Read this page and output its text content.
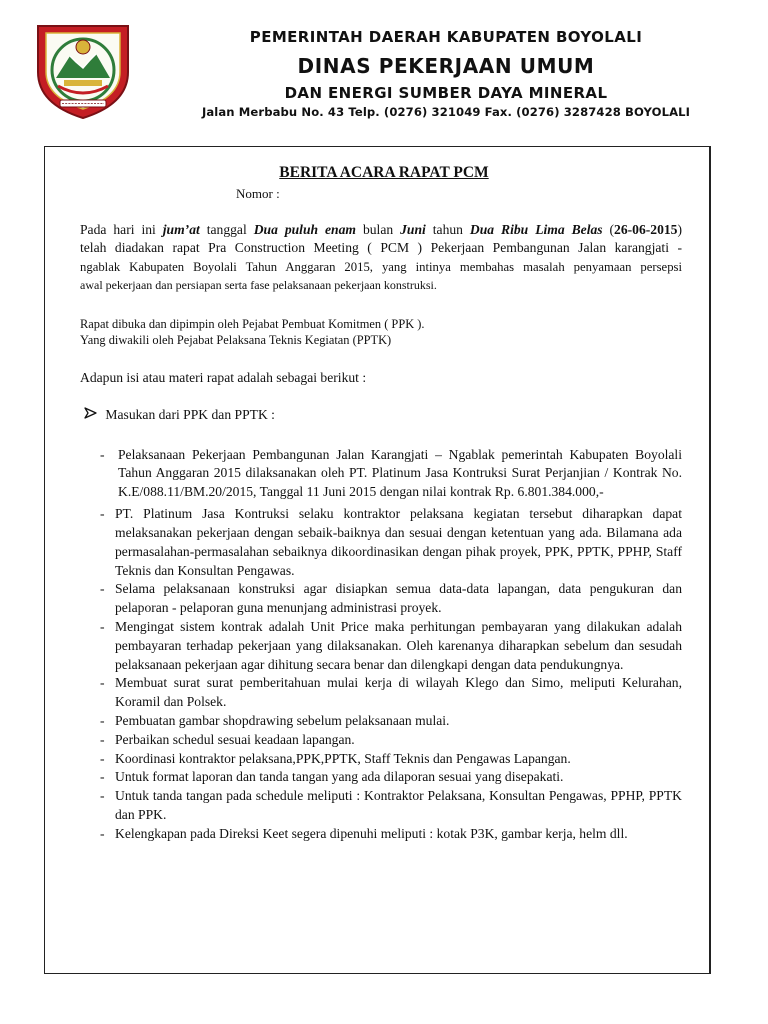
PEMERINTAH DAERAH KABUPATEN BOYOLALI
DINAS PEKERJAAN UMUM
DAN ENERGI SUMBER DAYA MINERAL
Jalan Merbabu No. 43 Telp. (0276) 321049 Fax. (0276) 3287428 BOYOLALI
BERITA ACARA RAPAT PCM
Nomor :
Pada hari ini jum’at tanggal Dua puluh enam bulan Juni tahun Dua Ribu Lima Belas (26-06-2015)
telah diadakan rapat Pra Construction Meeting ( PCM ) Pekerjaan Pembangunan Jalan karangjati -
ngablak Kabupaten Boyolali Tahun Anggaran 2015, yang intinya membahas masalah penyamaan persepsi
awal pekerjaan dan persiapan serta fase pelaksanaan pekerjaan konstruksi.
Rapat dibuka dan dipimpin oleh Pejabat Pembuat Komitmen ( PPK ).
Yang diwakili oleh Pejabat Pelaksana Teknis Kegiatan (PPTK)
Adapun isi atau materi rapat adalah sebagai berikut :
Masukan dari PPK dan PPTK :
- Pelaksanaan Pekerjaan Pembangunan Jalan Karangjati – Ngablak pemerintah Kabupaten Boyolali Tahun Anggaran 2015 dilaksanakan oleh PT. Platinum Jasa Kontruksi Surat Perjanjian / Kontrak No. K.E/088.11/BM.20/2015, Tanggal 11 Juni 2015 dengan nilai kontrak Rp. 6.801.384.000,-
- PT. Platinum Jasa Kontruksi selaku kontraktor pelaksana kegiatan tersebut diharapkan dapat melaksanakan pekerjaan dengan sebaik-baiknya dan sesuai dengan ketentuan yang ada. Bilamana ada permasalahan-permasalahan sebaiknya dikoordinasikan dengan pihak proyek, PPK, PPTK, PPHP, Staff Teknis dan Konsultan Pengawas.
- Selama pelaksanaan konstruksi agar disiapkan semua data-data lapangan, data pengukuran dan pelaporan - pelaporan guna menunjang administrasi proyek.
- Mengingat sistem kontrak adalah Unit Price maka perhitungan pembayaran yang dilakukan adalah pembayaran terhadap pekerjaan yang dilaksanakan. Oleh karenanya diharapkan sebelum dan sesudah pelaksanaan pekerjaan agar dihitung secara benar dan dilengkapi dengan data pendukungnya.
- Membuat surat surat pemberitahuan mulai kerja di wilayah Klego dan Simo, meliputi Kelurahan, Koramil dan Polsek.
- Pembuatan gambar shopdrawing sebelum pelaksanaan mulai.
- Perbaikan schedul sesuai keadaan lapangan.
- Koordinasi kontraktor pelaksana,PPK,PPTK, Staff Teknis dan Pengawas Lapangan.
- Untuk format laporan dan tanda tangan yang ada dilaporan sesuai yang disepakati.
- Untuk tanda tangan pada schedule meliputi : Kontraktor Pelaksana, Konsultan Pengawas, PPHP, PPTK dan PPK.
- Kelengkapan pada Direksi Keet segera dipenuhi meliputi : kotak P3K, gambar kerja, helm dll.
